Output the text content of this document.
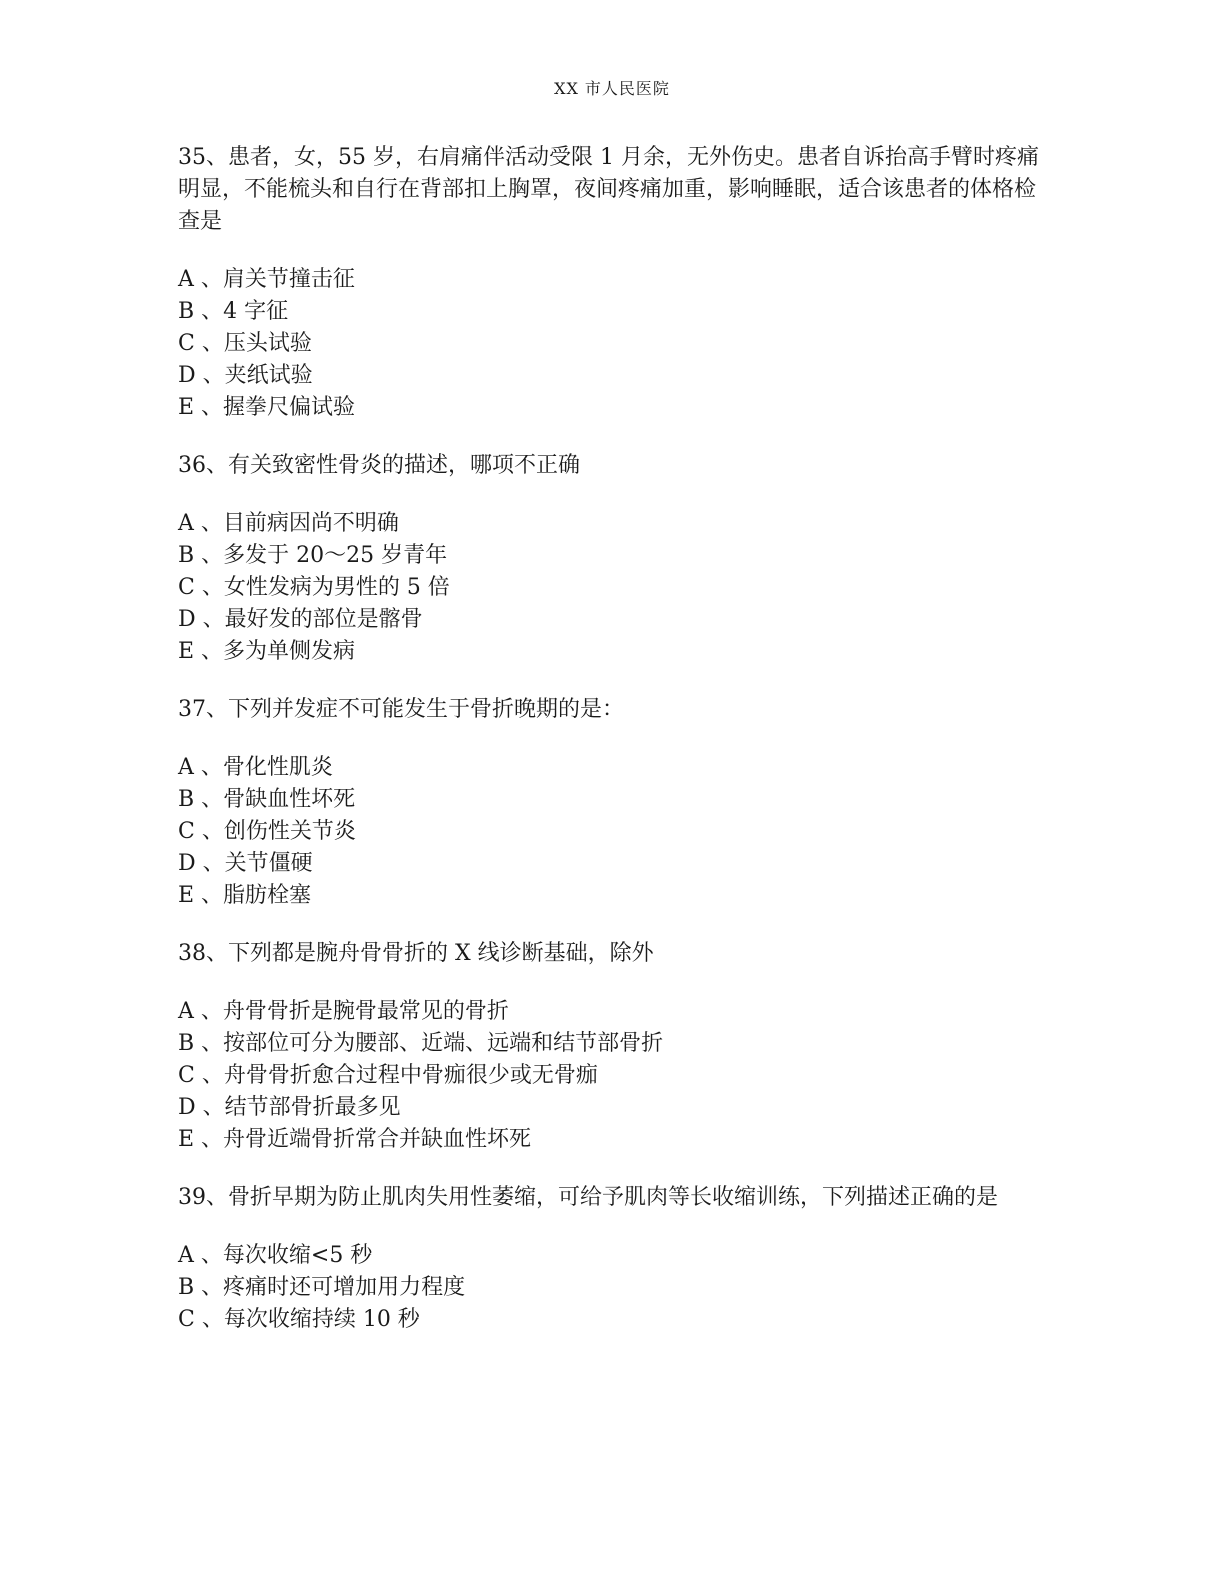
XX 市人民医院

35、患者，女，55 岁，右肩痛伴活动受限 1 月余，无外伤史。患者自诉抬高手臂时疼痛明显，不能梳头和自行在背部扣上胸罩，夜间疼痛加重，影响睡眠，适合该患者的体格检查是

A 、肩关节撞击征

B 、4 字征

C 、压头试验

D 、夹纸试验

E 、握拳尺偏试验

36、有关致密性骨炎的描述，哪项不正确

A 、目前病因尚不明确

B 、多发于 20～25 岁青年

C 、女性发病为男性的 5 倍

D 、最好发的部位是髂骨

E 、多为单侧发病

37、下列并发症不可能发生于骨折晚期的是：

A 、骨化性肌炎

B 、骨缺血性坏死

C 、创伤性关节炎

D 、关节僵硬

E 、脂肪栓塞

38、下列都是腕舟骨骨折的 X 线诊断基础，除外

A 、舟骨骨折是腕骨最常见的骨折

B 、按部位可分为腰部、近端、远端和结节部骨折

C 、舟骨骨折愈合过程中骨痂很少或无骨痂

D 、结节部骨折最多见

E 、舟骨近端骨折常合并缺血性坏死

39、骨折早期为防止肌肉失用性萎缩，可给予肌肉等长收缩训练，下列描述正确的是

A 、每次收缩<5 秒

B 、疼痛时还可增加用力程度

C 、每次收缩持续 10 秒
